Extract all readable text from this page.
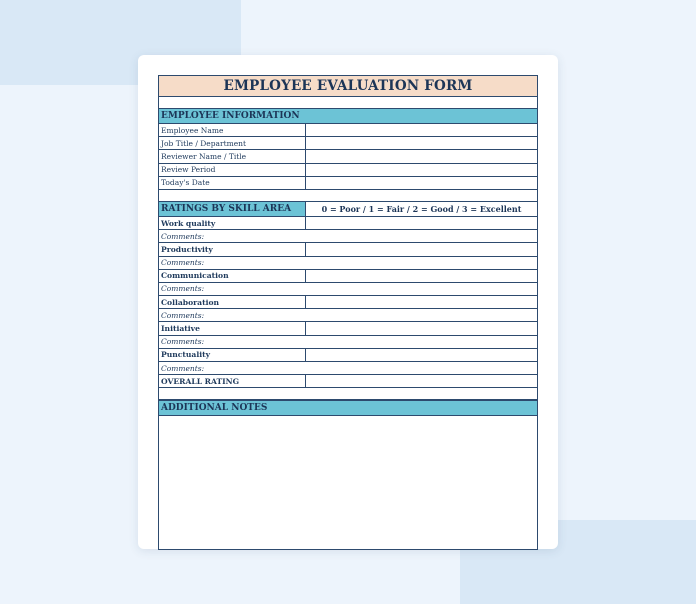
EMPLOYEE EVALUATION FORM
EMPLOYEE INFORMATION
Employee Name
Job Title / Department
Reviewer Name / Title
Review Period
Today's Date
RATINGS BY SKILL AREA	0 = Poor / 1 = Fair / 2 = Good / 3 = Excellent
Work quality
Comments:
Productivity
Comments:
Communication
Comments:
Collaboration
Comments:
Initiative
Comments:
Punctuality
Comments:
OVERALL RATING
ADDITIONAL NOTES
